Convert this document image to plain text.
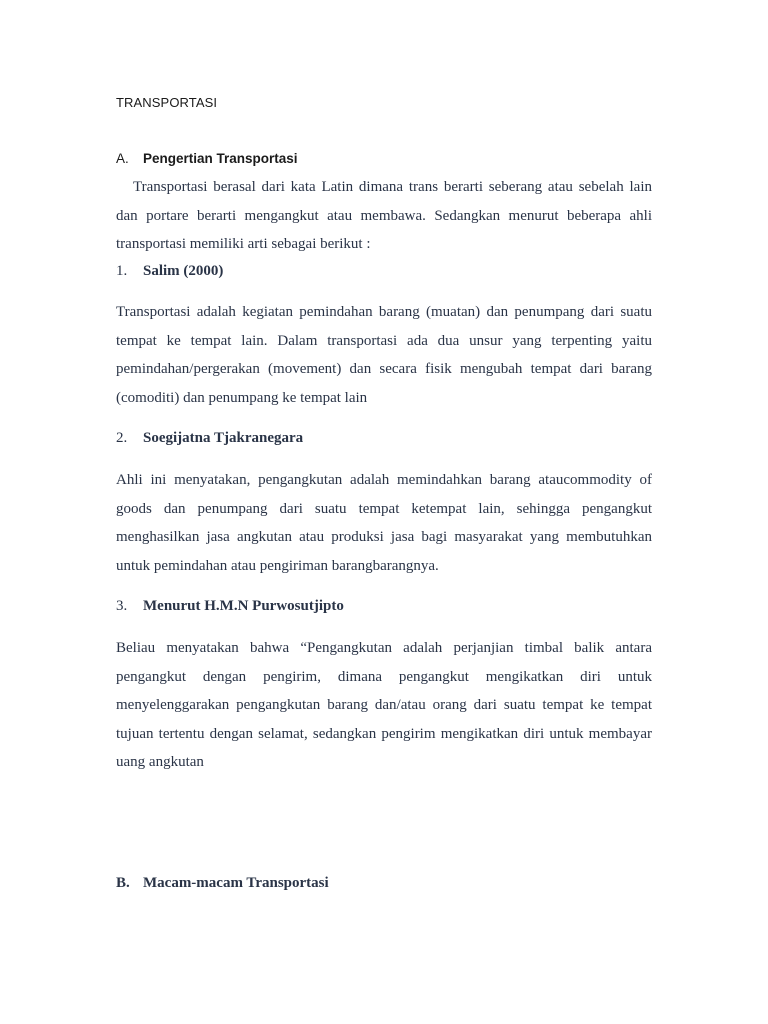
TRANSPORTASI
A. Pengertian Transportasi

Transportasi berasal dari kata Latin dimana trans berarti seberang atau sebelah lain dan portare berarti mengangkut atau membawa. Sedangkan menurut beberapa ahli transportasi memiliki arti sebagai berikut :

1. Salim (2000)

Transportasi adalah kegiatan pemindahan barang (muatan) dan penumpang dari suatu tempat ke tempat lain. Dalam transportasi ada dua unsur yang terpenting yaitu pemindahan/pergerakan (movement) dan secara fisik mengubah tempat dari barang (comoditi) dan penumpang ke tempat lain

2. Soegijatna Tjakranegara

Ahli ini menyatakan, pengangkutan adalah memindahkan barang ataucommodity of goods dan penumpang dari suatu tempat ketempat lain, sehingga pengangkut menghasilkan jasa angkutan atau produksi jasa bagi masyarakat yang membutuhkan untuk pemindahan atau pengiriman barangbarangnya.

3. Menurut H.M.N Purwosutjipto

Beliau menyatakan bahwa “Pengangkutan adalah perjanjian timbal balik antara pengangkut dengan pengirim, dimana pengangkut mengikatkan diri untuk menyelenggarakan pengangkutan barang dan/atau orang dari suatu tempat ke tempat tujuan tertentu dengan selamat, sedangkan pengirim mengikatkan diri untuk membayar uang angkutan

B. Macam-macam Transportasi
